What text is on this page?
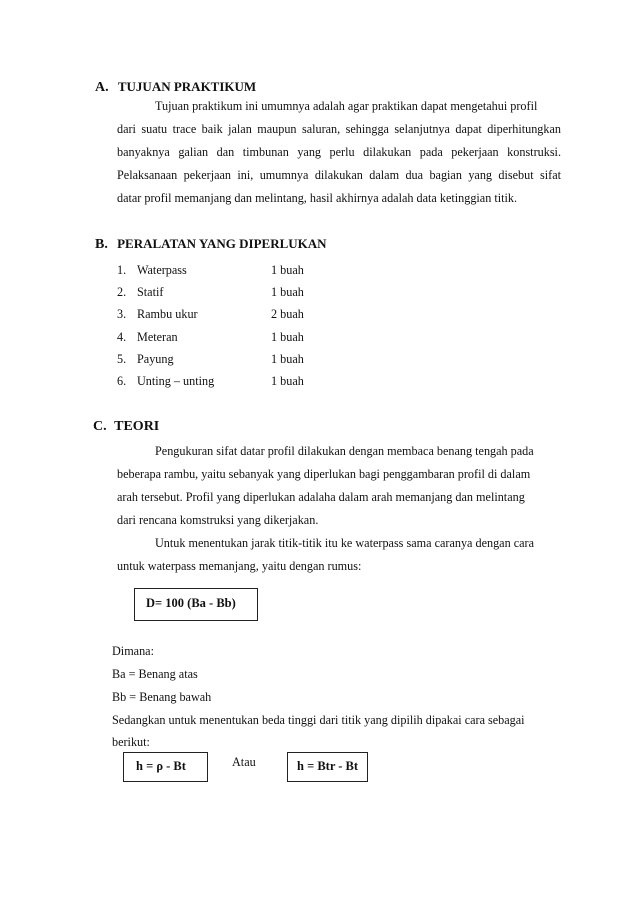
A. TUJUAN PRAKTIKUM
Tujuan praktikum ini umumnya adalah agar praktikan dapat mengetahui profil
dari suatu trace baik jalan maupun saluran, sehingga selanjutnya dapat diperhitungkan
banyaknya galian dan timbunan yang perlu dilakukan pada pekerjaan konstruksi.
Pelaksanaan pekerjaan ini, umumnya dilakukan dalam dua bagian yang disebut sifat
datar profil memanjang dan melintang, hasil akhirnya adalah data ketinggian titik.
B. PERALATAN YANG DIPERLUKAN
1. Waterpass	1 buah
2. Statif	1 buah
3. Rambu ukur	2 buah
4. Meteran	1 buah
5. Payung	1 buah
6. Unting – unting	1 buah
C. TEORI
Pengukuran sifat datar profil dilakukan dengan membaca benang tengah pada
beberapa rambu, yaitu sebanyak yang diperlukan bagi penggambaran profil di dalam
arah tersebut. Profil yang diperlukan adalaha dalam arah memanjang dan melintang
dari rencana komstruksi yang dikerjakan.
Untuk menentukan jarak titik-titik itu ke waterpass sama caranya dengan cara
untuk waterpass memanjang, yaitu dengan rumus:
D= 100 (Ba - Bb)
Dimana:
Ba = Benang atas
Bb = Benang bawah
Sedangkan untuk menentukan beda tinggi dari titik yang dipilih dipakai cara sebagai
berikut:
h = ρ - Bt	Atau	h = Btr - Bt
